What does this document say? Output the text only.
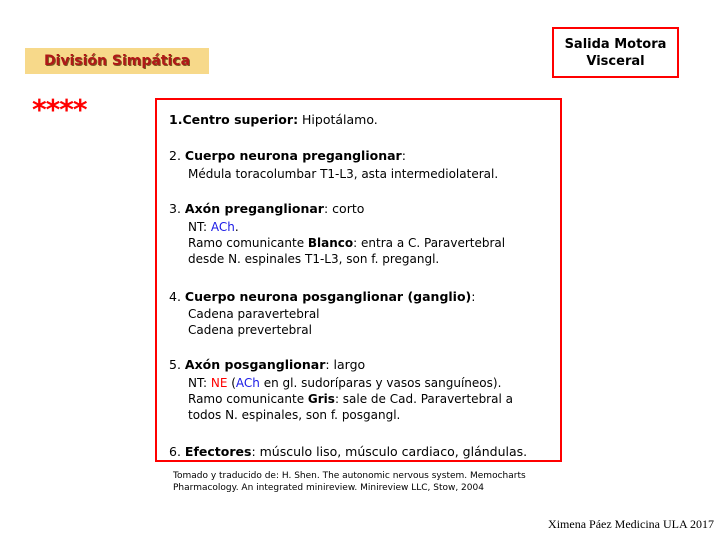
División Simpática
****
Salida Motora
Visceral
1.Centro superior: Hipotálamo.
2. Cuerpo neurona preganglionar:
Médula toracolumbar T1-L3, asta intermediolateral.
3. Axón preganglionar: corto
NT: ACh.
Ramo comunicante Blanco: entra a C. Paravertebral
desde N. espinales T1-L3, son f. pregangl.
4. Cuerpo neurona posganglionar (ganglio):
Cadena paravertebral
Cadena prevertebral
5. Axón posganglionar: largo
NT: NE (ACh en gl. sudoríparas y vasos sanguíneos).
Ramo comunicante Gris: sale de Cad. Paravertebral a
todos N. espinales, son f. posgangl.
6. Efectores: músculo liso, músculo cardiaco, glándulas.
Tomado y traducido de: H. Shen. The autonomic nervous system. Memocharts
Pharmacology. An integrated minireview. Minireview LLC, Stow, 2004
Ximena Páez Medicina ULA 2017
